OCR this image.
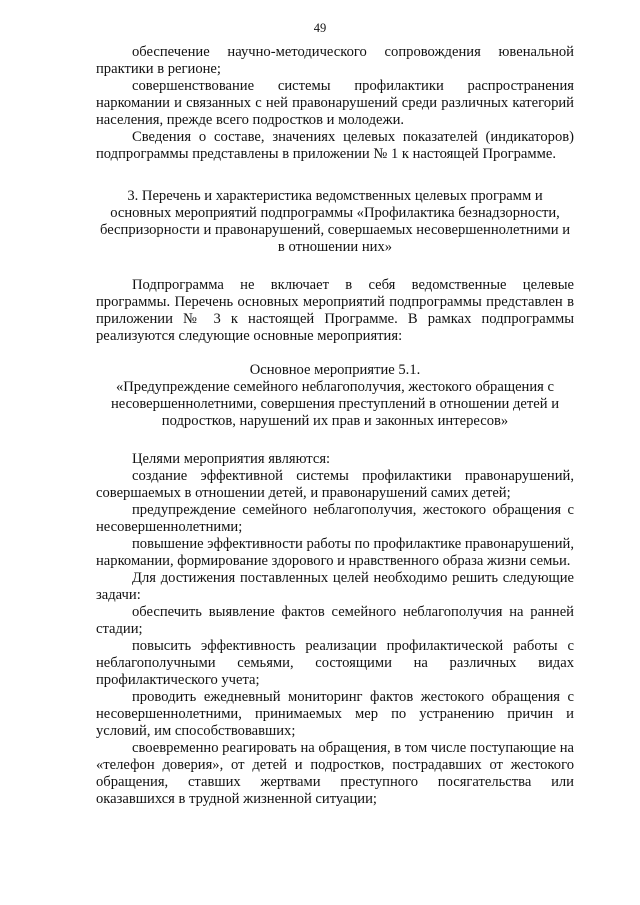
49

обеспечение научно-методического сопровождения ювенальной практики в регионе;

совершенствование системы профилактики распространения наркомании и связанных с ней правонарушений среди различных категорий населения, прежде всего подростков и молодежи.

Сведения о составе, значениях целевых показателей (индикаторов) подпрограммы представлены в приложении № 1 к настоящей Программе.

3. Перечень и характеристика ведомственных целевых программ и основных мероприятий подпрограммы «Профилактика безнадзорности, беспризорности и правонарушений, совершаемых несовершеннолетними и в отношении них»

Подпрограмма не включает в себя ведомственные целевые программы. Перечень основных мероприятий подпрограммы представлен в приложении № 3 к настоящей Программе. В рамках подпрограммы реализуются следующие основные мероприятия:

Основное мероприятие 5.1.

«Предупреждение семейного неблагополучия, жестокого обращения с несовершеннолетними, совершения преступлений в отношении детей и подростков, нарушений их прав и законных интересов»

Целями мероприятия являются:

создание эффективной системы профилактики правонарушений, совершаемых в отношении детей, и правонарушений самих детей;

предупреждение семейного неблагополучия, жестокого обращения с несовершеннолетними;

повышение эффективности работы по профилактике правонарушений, наркомании, формирование здорового и нравственного образа жизни семьи.

Для достижения поставленных целей необходимо решить следующие задачи:

обеспечить выявление фактов семейного неблагополучия на ранней стадии;

повысить эффективность реализации профилактической работы с неблагополучными семьями, состоящими на различных видах профилактического учета;

проводить ежедневный мониторинг фактов жестокого обращения с несовершеннолетними, принимаемых мер по устранению причин и условий, им способствовавших;

своевременно реагировать на обращения, в том числе поступающие на «телефон доверия», от детей и подростков, пострадавших от жестокого обращения, ставших жертвами преступного посягательства или оказавшихся в трудной жизненной ситуации;
